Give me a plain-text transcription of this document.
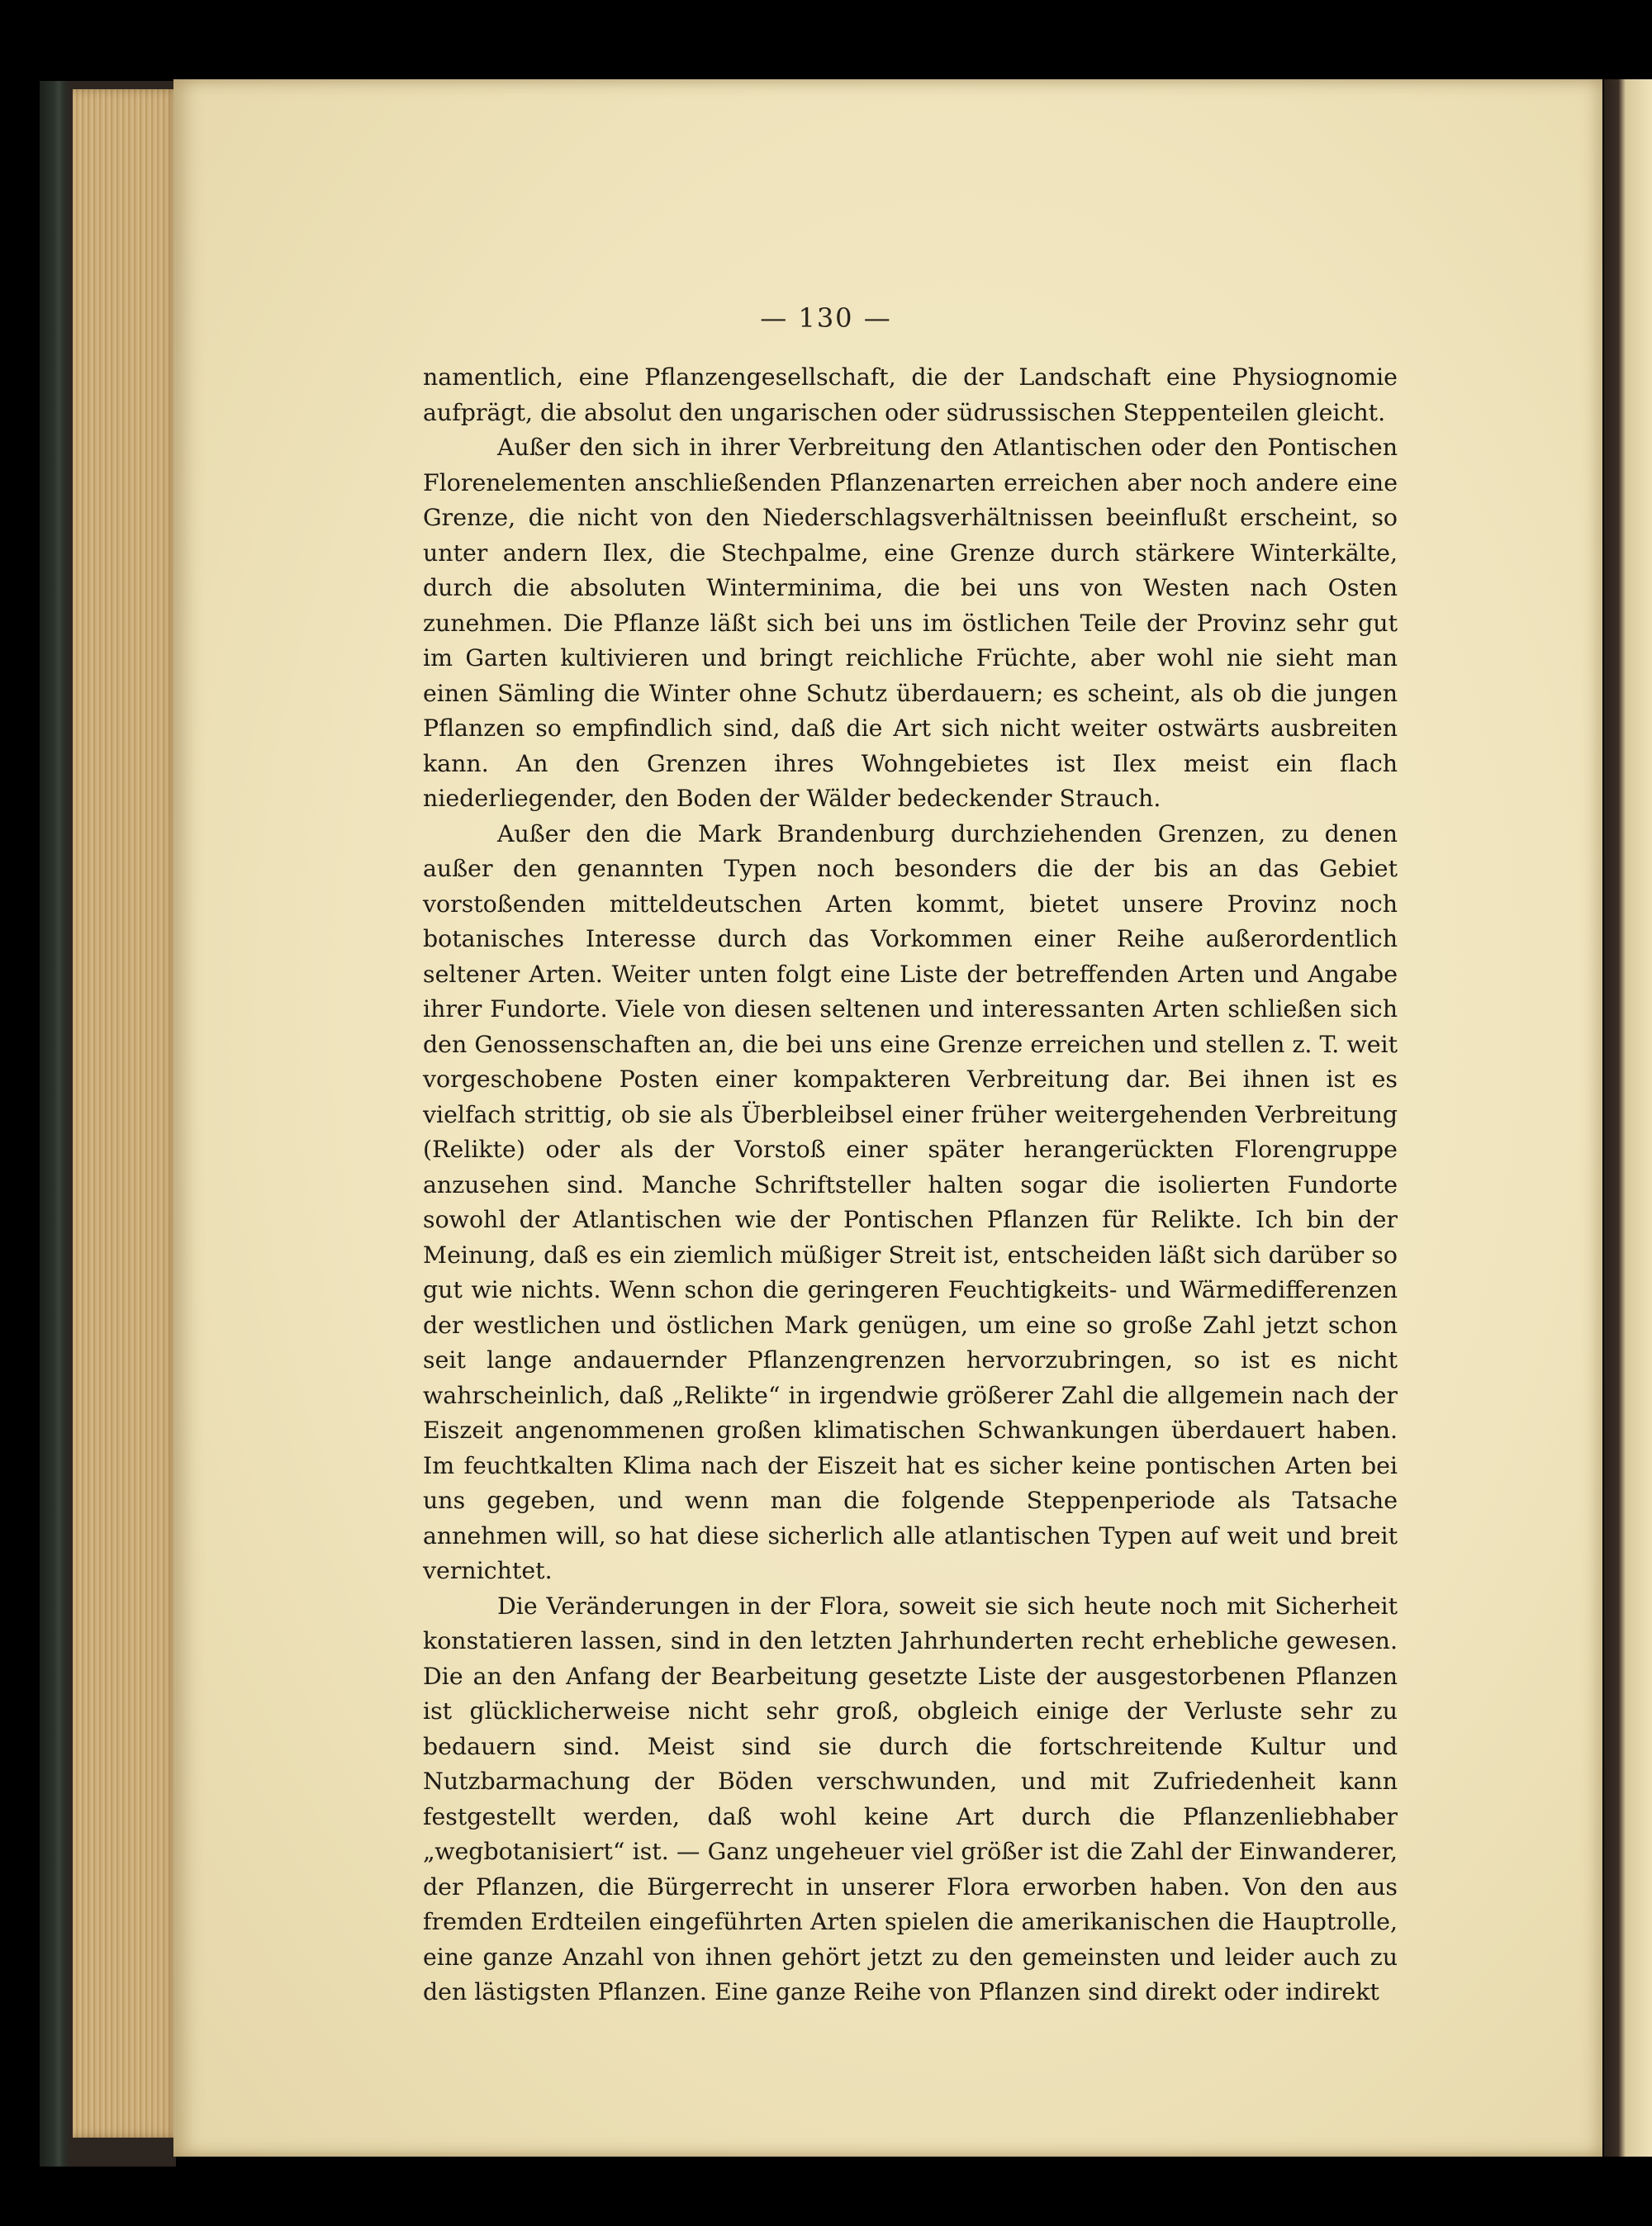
— 130 —

namentlich, eine Pflanzengesellschaft, die der Landschaft eine Physiognomie aufprägt, die absolut den ungarischen oder südrussischen Steppenteilen gleicht.

Außer den sich in ihrer Verbreitung den Atlantischen oder den Pontischen Florenelementen anschließenden Pflanzenarten erreichen aber noch andere eine Grenze, die nicht von den Niederschlagsverhältnissen beeinflußt erscheint, so unter andern Ilex, die Stechpalme, eine Grenze durch stärkere Winterkälte, durch die absoluten Winterminima, die bei uns von Westen nach Osten zunehmen. Die Pflanze läßt sich bei uns im östlichen Teile der Provinz sehr gut im Garten kultivieren und bringt reichliche Früchte, aber wohl nie sieht man einen Sämling die Winter ohne Schutz überdauern; es scheint, als ob die jungen Pflanzen so empfindlich sind, daß die Art sich nicht weiter ostwärts ausbreiten kann. An den Grenzen ihres Wohngebietes ist Ilex meist ein flach niederliegender, den Boden der Wälder bedeckender Strauch.

Außer den die Mark Brandenburg durchziehenden Grenzen, zu denen außer den genannten Typen noch besonders die der bis an das Gebiet vorstoßenden mitteldeutschen Arten kommt, bietet unsere Provinz noch botanisches Interesse durch das Vorkommen einer Reihe außerordentlich seltener Arten. Weiter unten folgt eine Liste der betreffenden Arten und Angabe ihrer Fundorte. Viele von diesen seltenen und interessanten Arten schließen sich den Genossenschaften an, die bei uns eine Grenze erreichen und stellen z. T. weit vorgeschobene Posten einer kompakteren Verbreitung dar. Bei ihnen ist es vielfach strittig, ob sie als Überbleibsel einer früher weitergehenden Verbreitung (Relikte) oder als der Vorstoß einer später herangerückten Florengruppe anzusehen sind. Manche Schriftsteller halten sogar die isolierten Fundorte sowohl der Atlantischen wie der Pontischen Pflanzen für Relikte. Ich bin der Meinung, daß es ein ziemlich müßiger Streit ist, entscheiden läßt sich darüber so gut wie nichts. Wenn schon die geringeren Feuchtigkeits- und Wärmedifferenzen der westlichen und östlichen Mark genügen, um eine so große Zahl jetzt schon seit lange andauernder Pflanzengrenzen hervorzubringen, so ist es nicht wahrscheinlich, daß „Relikte“ in irgendwie größerer Zahl die allgemein nach der Eiszeit angenommenen großen klimatischen Schwankungen überdauert haben. Im feuchtkalten Klima nach der Eiszeit hat es sicher keine pontischen Arten bei uns gegeben, und wenn man die folgende Steppenperiode als Tatsache annehmen will, so hat diese sicherlich alle atlantischen Typen auf weit und breit vernichtet.

Die Veränderungen in der Flora, soweit sie sich heute noch mit Sicherheit konstatieren lassen, sind in den letzten Jahrhunderten recht erhebliche gewesen. Die an den Anfang der Bearbeitung gesetzte Liste der ausgestorbenen Pflanzen ist glücklicherweise nicht sehr groß, obgleich einige der Verluste sehr zu bedauern sind. Meist sind sie durch die fortschreitende Kultur und Nutzbarmachung der Böden verschwunden, und mit Zufriedenheit kann festgestellt werden, daß wohl keine Art durch die Pflanzenliebhaber „wegbotanisiert“ ist. — Ganz ungeheuer viel größer ist die Zahl der Einwanderer, der Pflanzen, die Bürgerrecht in unserer Flora erworben haben. Von den aus fremden Erdteilen eingeführten Arten spielen die amerikanischen die Hauptrolle, eine ganze Anzahl von ihnen gehört jetzt zu den gemeinsten und leider auch zu den lästigsten Pflanzen. Eine ganze Reihe von Pflanzen sind direkt oder indirekt
